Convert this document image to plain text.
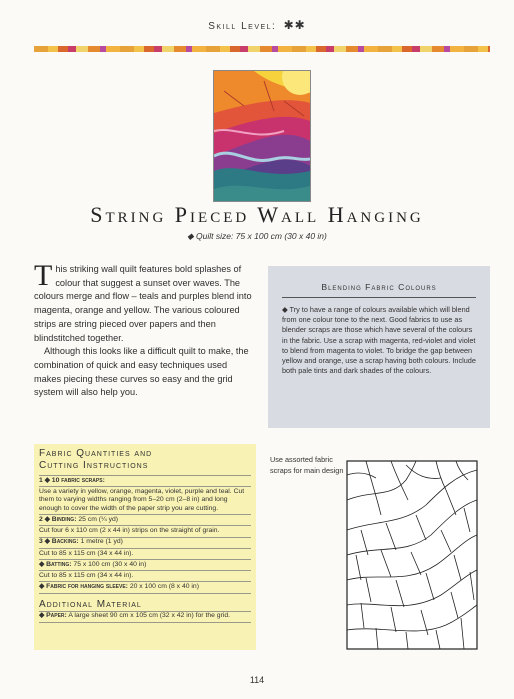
Skill Level: ✱✱
String Pieced Wall Hanging
◆ Quilt size: 75 x 100 cm (30 x 40 in)

This striking wall quilt features bold splashes of colour that suggest a sunset over waves. The colours merge and flow – teals and purples blend into magenta, orange and yellow. The various coloured strips are string pieced over papers and then blindstitched together.

Although this looks like a difficult quilt to make, the combination of quick and easy techniques used makes piecing these curves so easy and the grid system will also help you.

Blending Fabric Colours

◆ Try to have a range of colours available which will blend from one colour tone to the next. Good fabrics to use as blender scraps are those which have several of the colours in the fabric. Use a scrap with magenta, red-violet and violet to blend from magenta to violet. To bridge the gap between yellow and orange, use a scrap having both colours. Include both pale tints and dark shades of the colours.

Fabric Quantities and
Cutting Instructions
1 ◆ 10 fabric scraps:
Use a variety in yellow, orange, magenta, violet, purple and teal. Cut them to varying widths ranging from 5–20 cm (2–8 in) and long enough to cover the width of the paper strip you are cutting.
2 ◆ Binding: 25 cm (¼ yd)
Cut four 6 x 110 cm (2 x 44 in) strips on the straight of grain.
3 ◆ Backing: 1 metre (1 yd)
Cut to 85 x 115 cm (34 x 44 in).
◆ Batting: 75 x 100 cm (30 x 40 in)
Cut to 85 x 115 cm (34 x 44 in).
◆ Fabric for hanging sleeve: 20 x 100 cm (8 x 40 in)
Additional Material
◆ Paper: A large sheet 90 cm x 105 cm (32 x 42 in) for the grid.
Use assorted fabric scraps for main design
114
